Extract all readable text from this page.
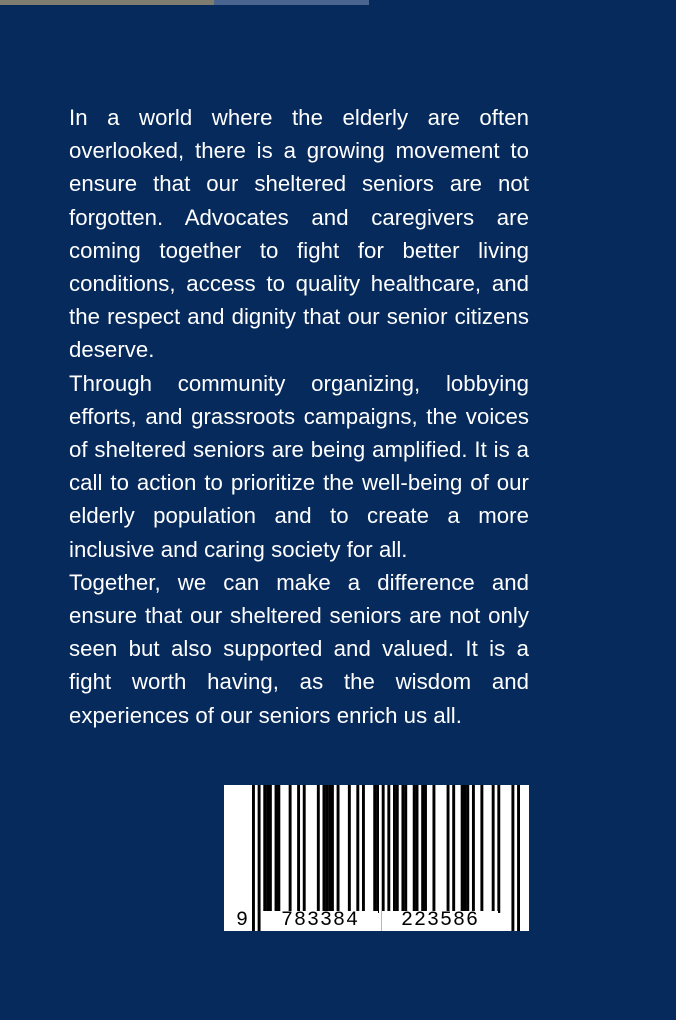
In a world where the elderly are often overlooked, there is a growing movement to ensure that our sheltered seniors are not forgotten. Advocates and caregivers are coming together to fight for better living conditions, access to quality healthcare, and the respect and dignity that our senior citizens deserve.

Through community organizing, lobbying efforts, and grassroots campaigns, the voices of sheltered seniors are being amplified. It is a call to action to prioritize the well-being of our elderly population and to create a more inclusive and caring society for all.

Together, we can make a difference and ensure that our sheltered seniors are not only seen but also supported and valued. It is a fight worth having, as the wisdom and experiences of our seniors enrich us all.

9	783384	223586
